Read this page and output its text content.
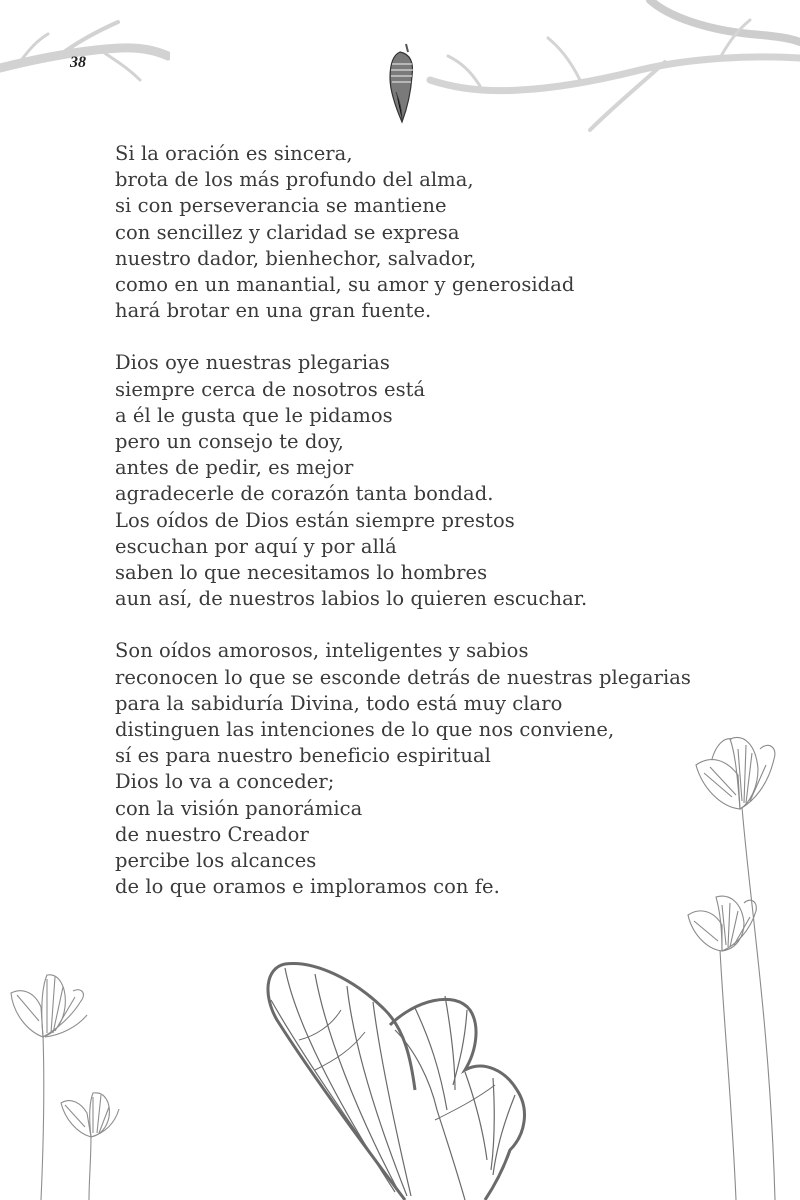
38
Si la oración es sincera,
brota de los más profundo del alma,
si con perseverancia se mantiene
con sencillez y claridad se expresa
nuestro dador, bienhechor, salvador,
como en un manantial, su amor y generosidad
hará brotar en una gran fuente.
Dios oye nuestras plegarias
siempre cerca de nosotros está
a él le gusta que le pidamos
pero un consejo te doy,
antes de pedir, es mejor
agradecerle de corazón tanta bondad.
Los oídos de Dios están siempre prestos
escuchan por aquí y por allá
saben lo que necesitamos lo hombres
aun así, de nuestros labios lo quieren escuchar.
Son oídos amorosos, inteligentes y sabios
reconocen lo que se esconde detrás de nuestras plegarias
para la sabiduría Divina, todo está muy claro
distinguen las intenciones de lo que nos conviene,
sí es para nuestro beneficio espiritual
Dios lo va a conceder;
con la visión panorámica
de nuestro Creador
percibe los alcances
de lo que oramos e imploramos con fe.
